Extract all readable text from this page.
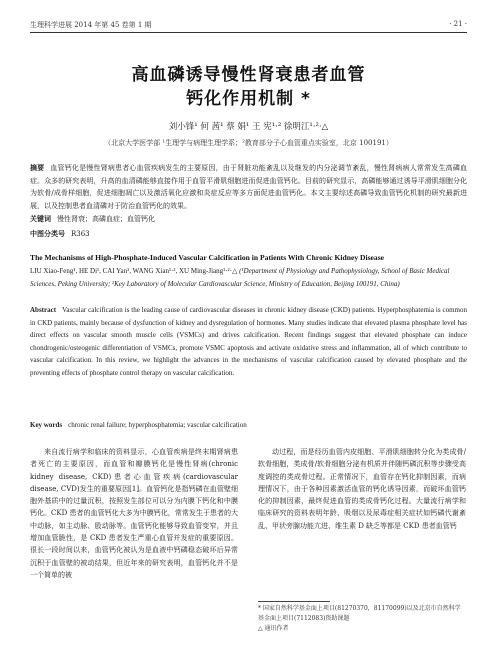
生理科学进展 2014 年第 45 卷第 1 期	· 21 ·
高血磷诱导慢性肾衰患者血管
钙化作用机制 *
刘小锋¹ 何 茜¹ 蔡 娟¹ 王 宪¹·² 徐明江¹·²·△
（北京大学医学部 ¹生理学与病理生理学系；²教育部分子心血管重点实验室，北京 100191）
摘要 血管钙化是慢性肾病患者心血管疾病发生的主要原因，由于肾脏功能紊乱以及继发的内分泌调节紊乱，慢性肾病病人常常发生高磷血症。众多的研究表明，升高的血清磷能够直接作用于血管平滑肌细胞进而促进血管钙化。目前的研究显示，高磷能够通过诱导平滑肌细胞分化为软骨/成骨样细胞，促进细胞凋亡以及激活氧化应激和炎症反应等多方面促进血管钙化。本文主要综述高磷导致血管钙化机制的研究最新进展，以及控制患者血清磷对于防治血管钙化的效果。
关键词 慢性肾衰；高磷血症；血管钙化
中图分类号 R363
The Mechanisms of High-Phosphate-Induced Vascular Calcification in Patients With Chronic Kidney Disease
LIU Xiao-Feng¹, HE Di¹, CAI Yan¹, WANG Xian¹·², XU Ming-Jiang¹·²·△ (¹Department of Physiology and Pathophysiology, School of Basic Medical Sciences, Peking University; ²Key Laboratory of Molecular Cardiovascular Science, Ministry of Education, Beijing 100191, China)
Abstract Vascular calcification is the leading cause of cardiovascular diseases in chronic kidney disease (CKD) patients. Hyperphosphatemia is common in CKD patients, mainly because of dysfunction of kidney and dysregulation of hormones. Many studies indicate that elevated plasma phosphate level has direct effects on vascular smooth muscle cells (VSMCs) and drives calcification. Recent findings suggest that elevated phosphate can induce chondrogenic/osteogenic differentiation of VSMCs, promote VSMC apoptosis and activate oxidative stress and inflammation, all of which contribute to vascular calcification. In this review, we highlight the advances in the mechanisms of vascular calcification caused by elevated phosphate and the preventing effects of phosphate control therapy on vascular calcification.
Key words chronic renal failure; hyperphosphatemia; vascular calcification
来自流行病学和临床的资料显示，心血管疾病是终末期肾病患者死亡的主要原因，而血管和瓣膜钙化是慢性肾病(chronic kidney disease, CKD)患者心血管疾病(cardiovascular disease, CVD)发生的重要原因[1]。血管钙化是指钙磷在血管壁细胞外基质中的过量沉积，按照发生部位可以分为内膜下钙化和中膜钙化。CKD 患者的血管钙化大多为中膜钙化，常常发生于患者的大中动脉，如主动脉、股动脉等。血管钙化能够导致血管变窄，并且增加血管脆性，是 CKD 患者发生严重心血管并发症的重要原因。很长一段时间以来，血管钙化被认为是血液中钙磷稳态破坏后异常沉积于血管壁的被动结果，但近年来的研究表明，血管钙化并不是一个简单的被
动过程，而是经历血管内皮细胞、平滑肌细胞转分化为类成骨/软骨细胞，类成骨/软骨细胞分泌有机质并伴随钙磷沉积等步骤受高度调控的类成骨过程。正常情况下，血管存在钙化抑制因素，而病理情况下，由于各种因素激活血管的钙化诱导因素，而破坏血管钙化的抑制因素，最终促进血管的类成骨钙化过程。大量流行病学和临床研究的资料表明年龄、吸烟以及尿毒症相关症状如钙磷代谢紊乱、甲状旁腺功能亢进、维生素 D 缺乏等都是 CKD 患者血管钙
* 国家自然科学基金面上项目(81270370，81170099)以及北京市自然科学基金面上项目(7112083)资助课题
△ 通讯作者
